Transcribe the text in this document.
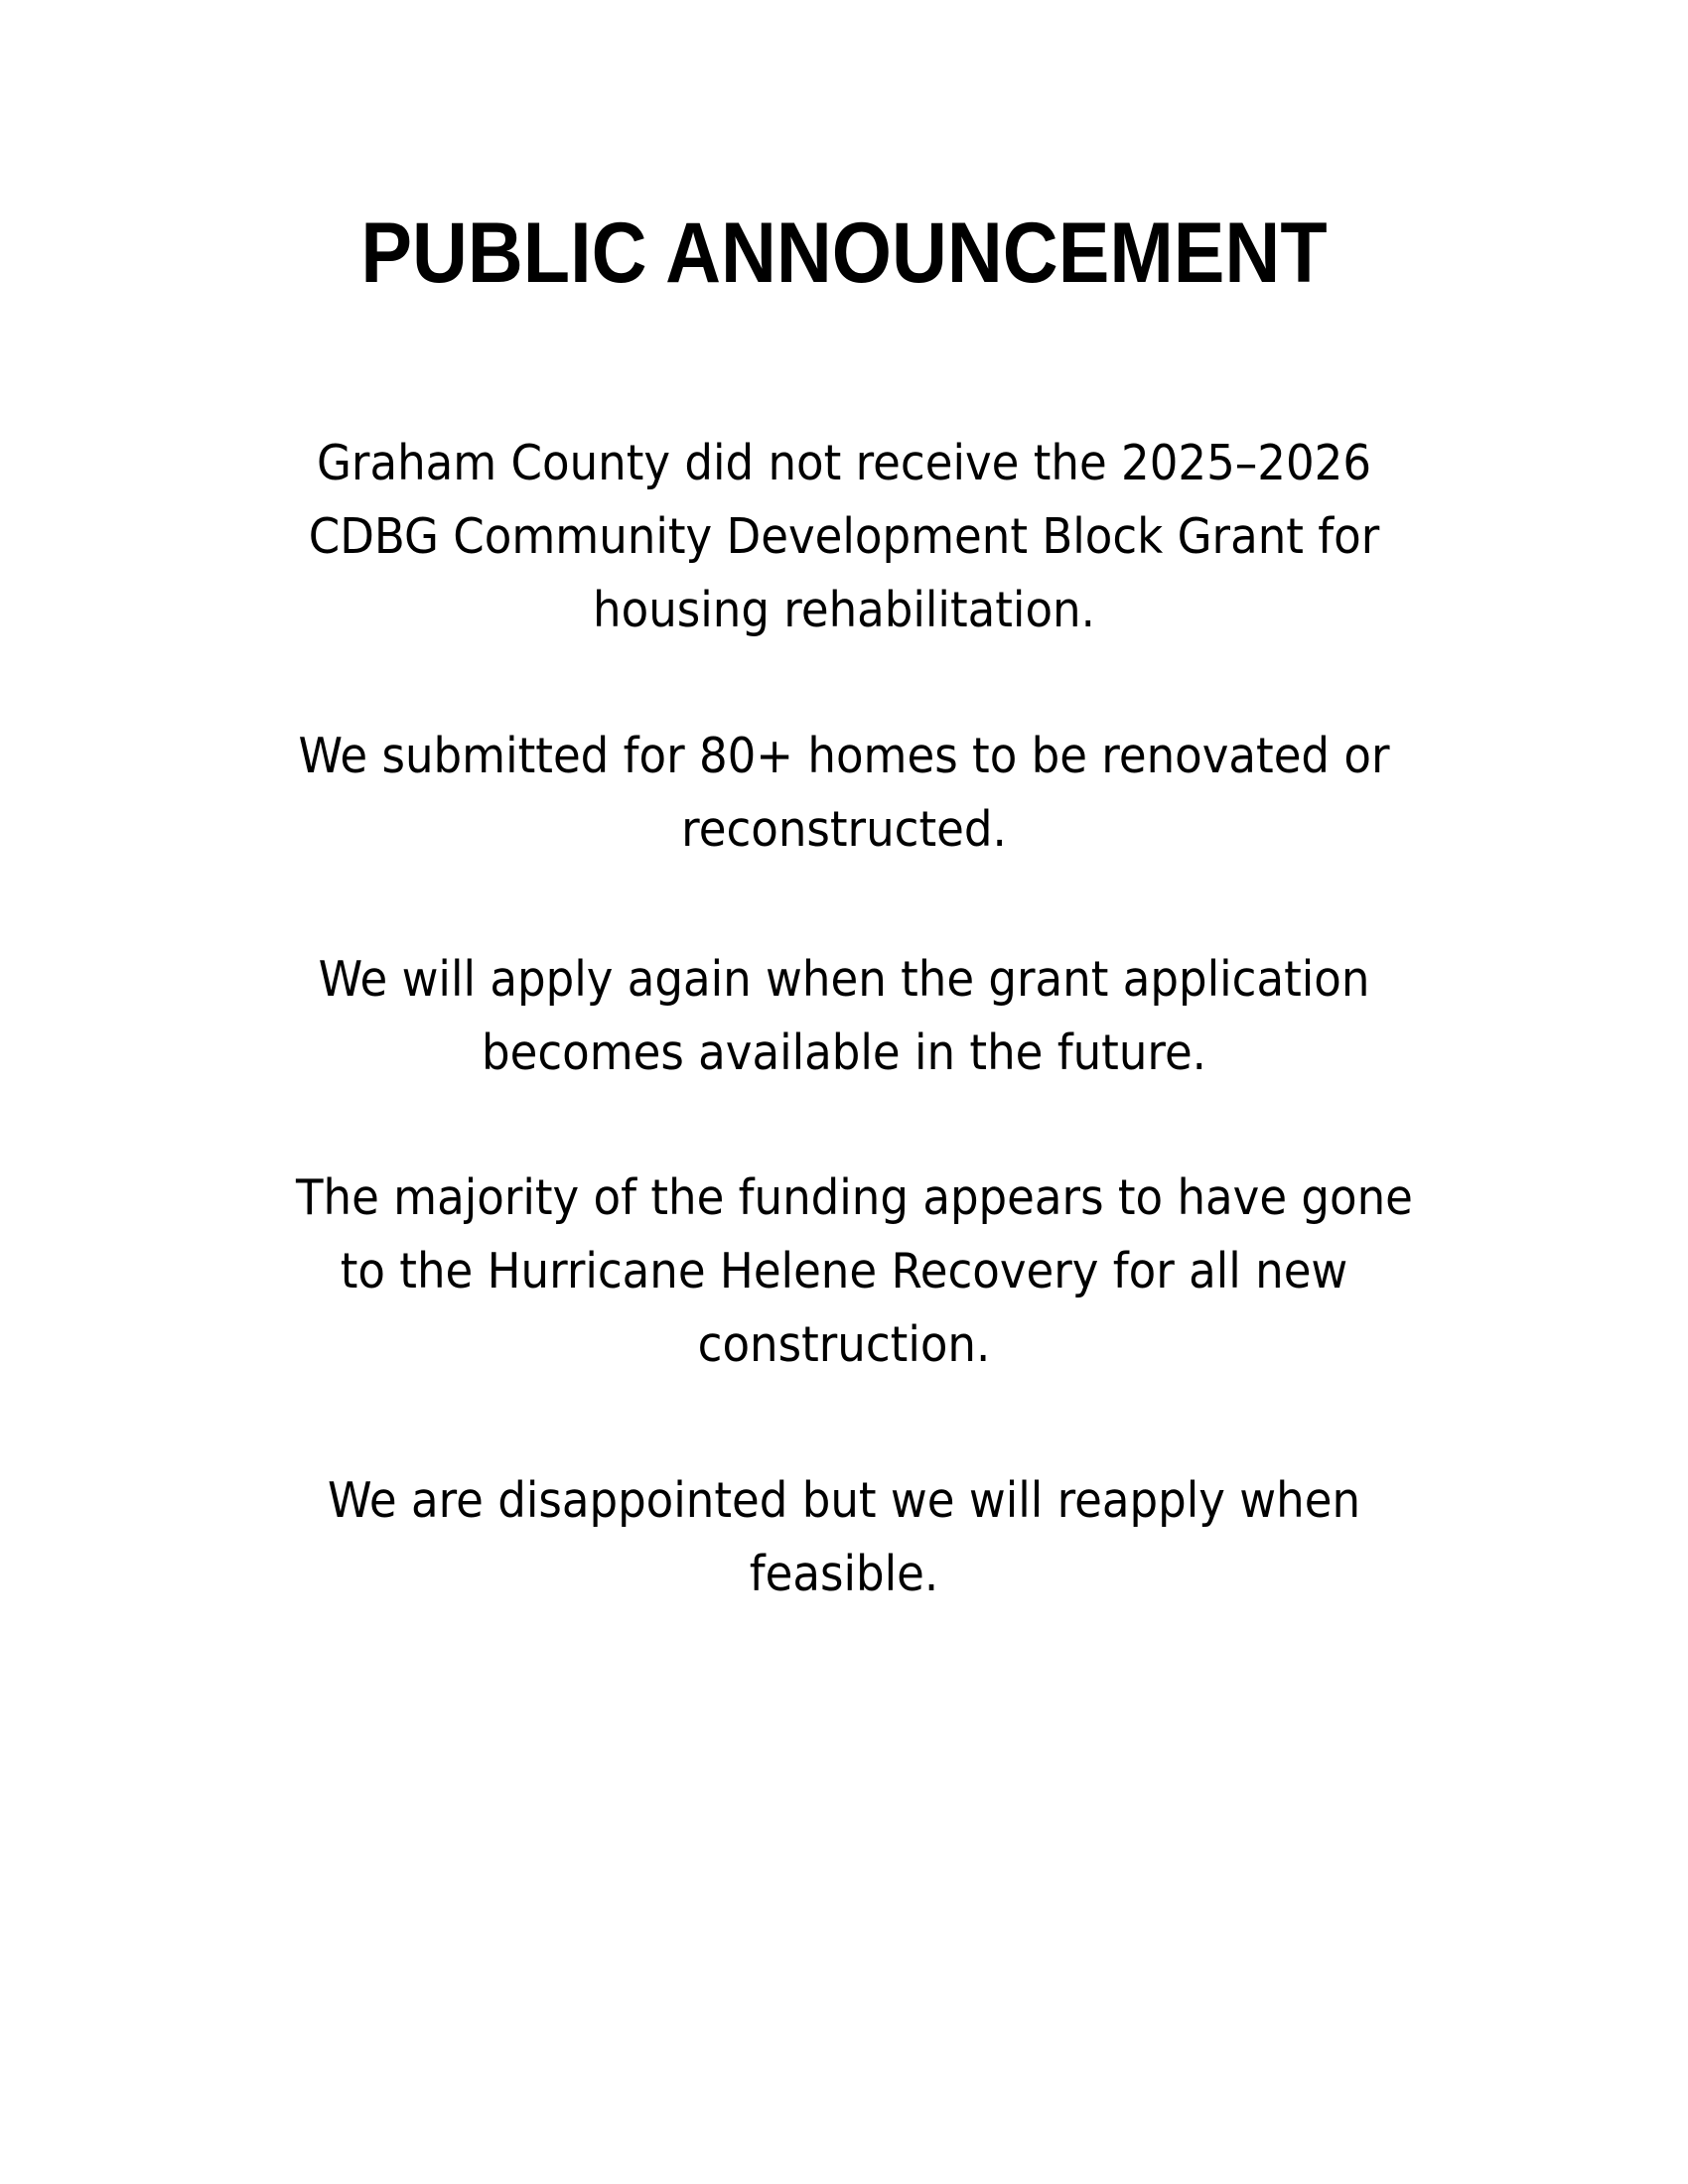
PUBLIC ANNOUNCEMENT

Graham County did not receive the 2025–2026
CDBG Community Development Block Grant for
housing rehabilitation.

We submitted for 80+ homes to be renovated or
reconstructed.

We will apply again when the grant application
becomes available in the future.

The majority of the funding appears to have gone
to the Hurricane Helene Recovery for all new
construction.

We are disappointed but we will reapply when
feasible.
